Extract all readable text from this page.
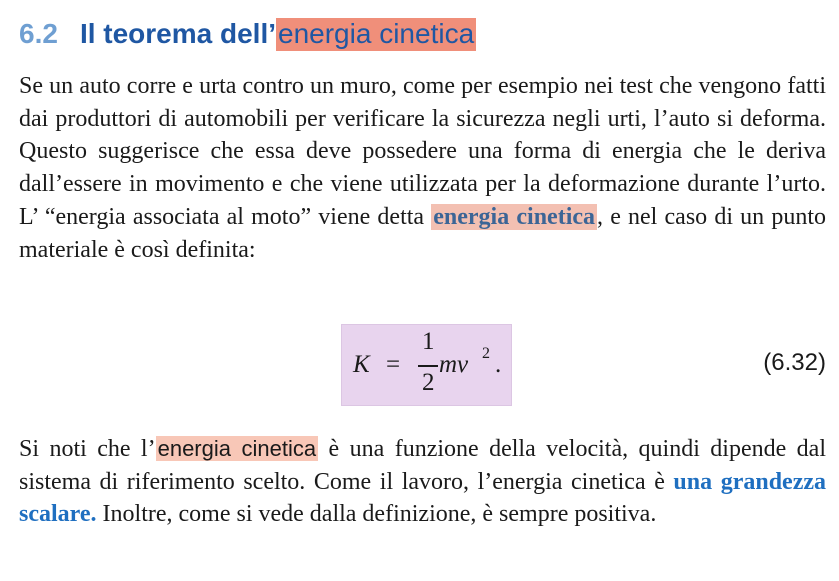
6.2 Il teorema dell’ energia cinetica

Se un auto corre e urta contro un muro, come per esempio nei test che vengono fatti dai produttori di automobili per verificare la sicurezza negli urti, l’auto si deforma. Questo suggerisce che essa deve possedere una forma di energia che le deriva dall’essere in movimento e che viene utilizzata per la deformazione durante l’urto. L’ “energia associata al moto” viene detta energia cinetica, e nel caso di un punto materiale è così definita:

K =
1
2
mv 2 .	(6.32)

Si noti che l’energia cinetica è una funzione della velocità, quindi dipende dal sistema di riferimento scelto. Come il lavoro, l’energia cinetica è una grandezza scalare. Inoltre, come si vede dalla definizione, è sempre positiva.
